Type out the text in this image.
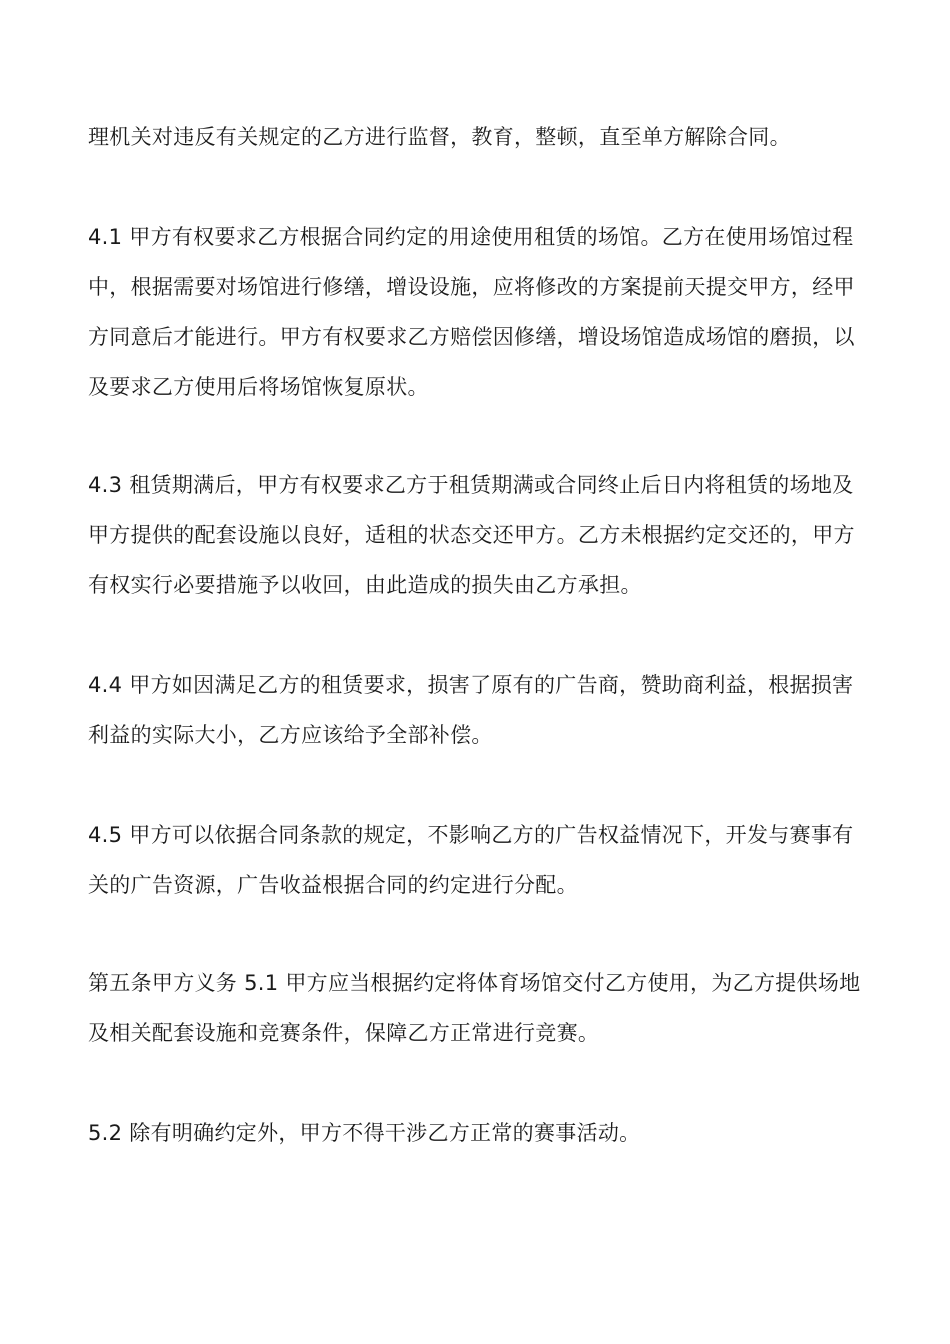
理机关对违反有关规定的乙方进行监督，教育，整顿，直至单方解除合同。

4.1 甲方有权要求乙方根据合同约定的用途使用租赁的场馆。乙方在使用场馆过程中，根据需要对场馆进行修缮，增设设施，应将修改的方案提前天提交甲方，经甲方同意后才能进行。甲方有权要求乙方赔偿因修缮，增设场馆造成场馆的磨损，以及要求乙方使用后将场馆恢复原状。

4.3 租赁期满后，甲方有权要求乙方于租赁期满或合同终止后日内将租赁的场地及甲方提供的配套设施以良好，适租的状态交还甲方。乙方未根据约定交还的，甲方有权实行必要措施予以收回，由此造成的损失由乙方承担。

4.4 甲方如因满足乙方的租赁要求，损害了原有的广告商，赞助商利益，根据损害利益的实际大小，乙方应该给予全部补偿。

4.5 甲方可以依据合同条款的规定，不影响乙方的广告权益情况下，开发与赛事有关的广告资源，广告收益根据合同的约定进行分配。

第五条甲方义务 5.1 甲方应当根据约定将体育场馆交付乙方使用，为乙方提供场地及相关配套设施和竞赛条件，保障乙方正常进行竞赛。

5.2 除有明确约定外，甲方不得干涉乙方正常的赛事活动。
